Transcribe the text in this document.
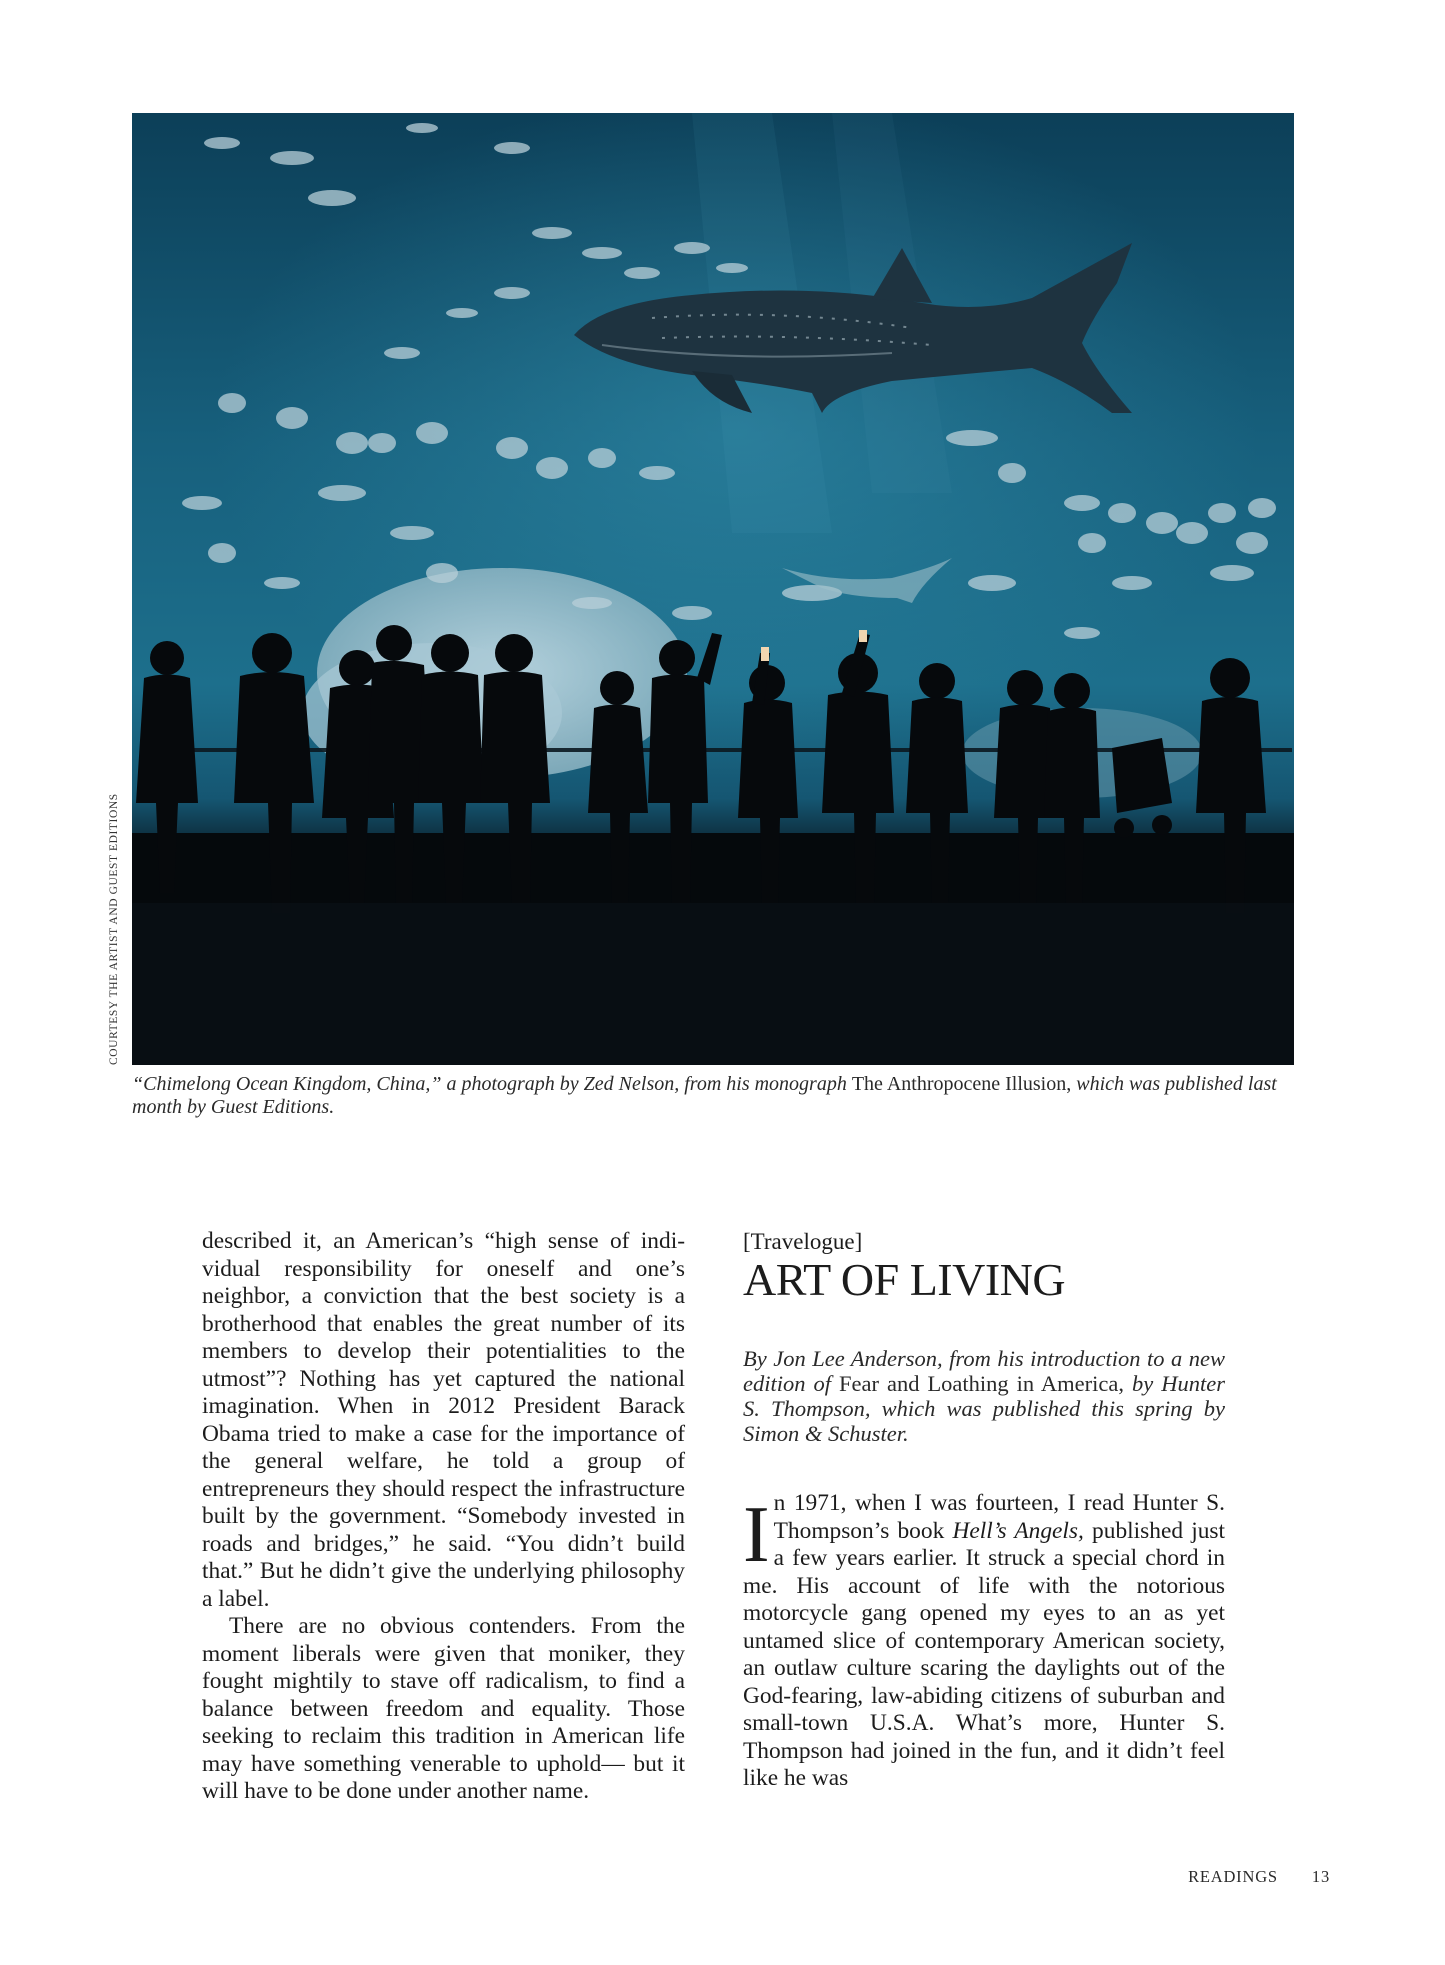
COURTESY THE ARTIST AND GUEST EDITIONS
“Chimelong Ocean Kingdom, China,” a photograph by Zed Nelson, from his monograph The Anthropocene Illusion, which was published last month by Guest Editions.

described it, an American’s “high sense of individual responsibility for oneself and one’s neighbor, a conviction that the best society is a brotherhood that enables the great number of its members to develop their potentialities to the utmost”? Nothing has yet captured the national imagination. When in 2012 President Barack Obama tried to make a case for the importance of the general welfare, he told a group of entrepreneurs they should respect the infrastructure built by the government. “Somebody invested in roads and bridges,” he said. “You didn’t build that.” But he didn’t give the underlying philosophy a label.

There are no obvious contenders. From the moment liberals were given that moniker, they fought mightily to stave off radicalism, to find a balance between freedom and equality. Those seeking to reclaim this tradition in American life may have something venerable to uphold— but it will have to be done under another name.

[Travelogue]
ART OF LIVING
By Jon Lee Anderson, from his introduction to a new edition of Fear and Loathing in America, by Hunter S. Thompson, which was published this spring by Simon & Schuster.

In 1971, when I was fourteen, I read Hunter S. Thompson’s book Hell’s Angels, published just a few years earlier. It struck a special chord in me. His account of life with the notorious motorcycle gang opened my eyes to an as yet untamed slice of contemporary American society, an outlaw culture scaring the daylights out of the God-fearing, law-abiding citizens of suburban and small-town U.S.A. What’s more, Hunter S. Thompson had joined in the fun, and it didn’t feel like he was

READINGS 13
